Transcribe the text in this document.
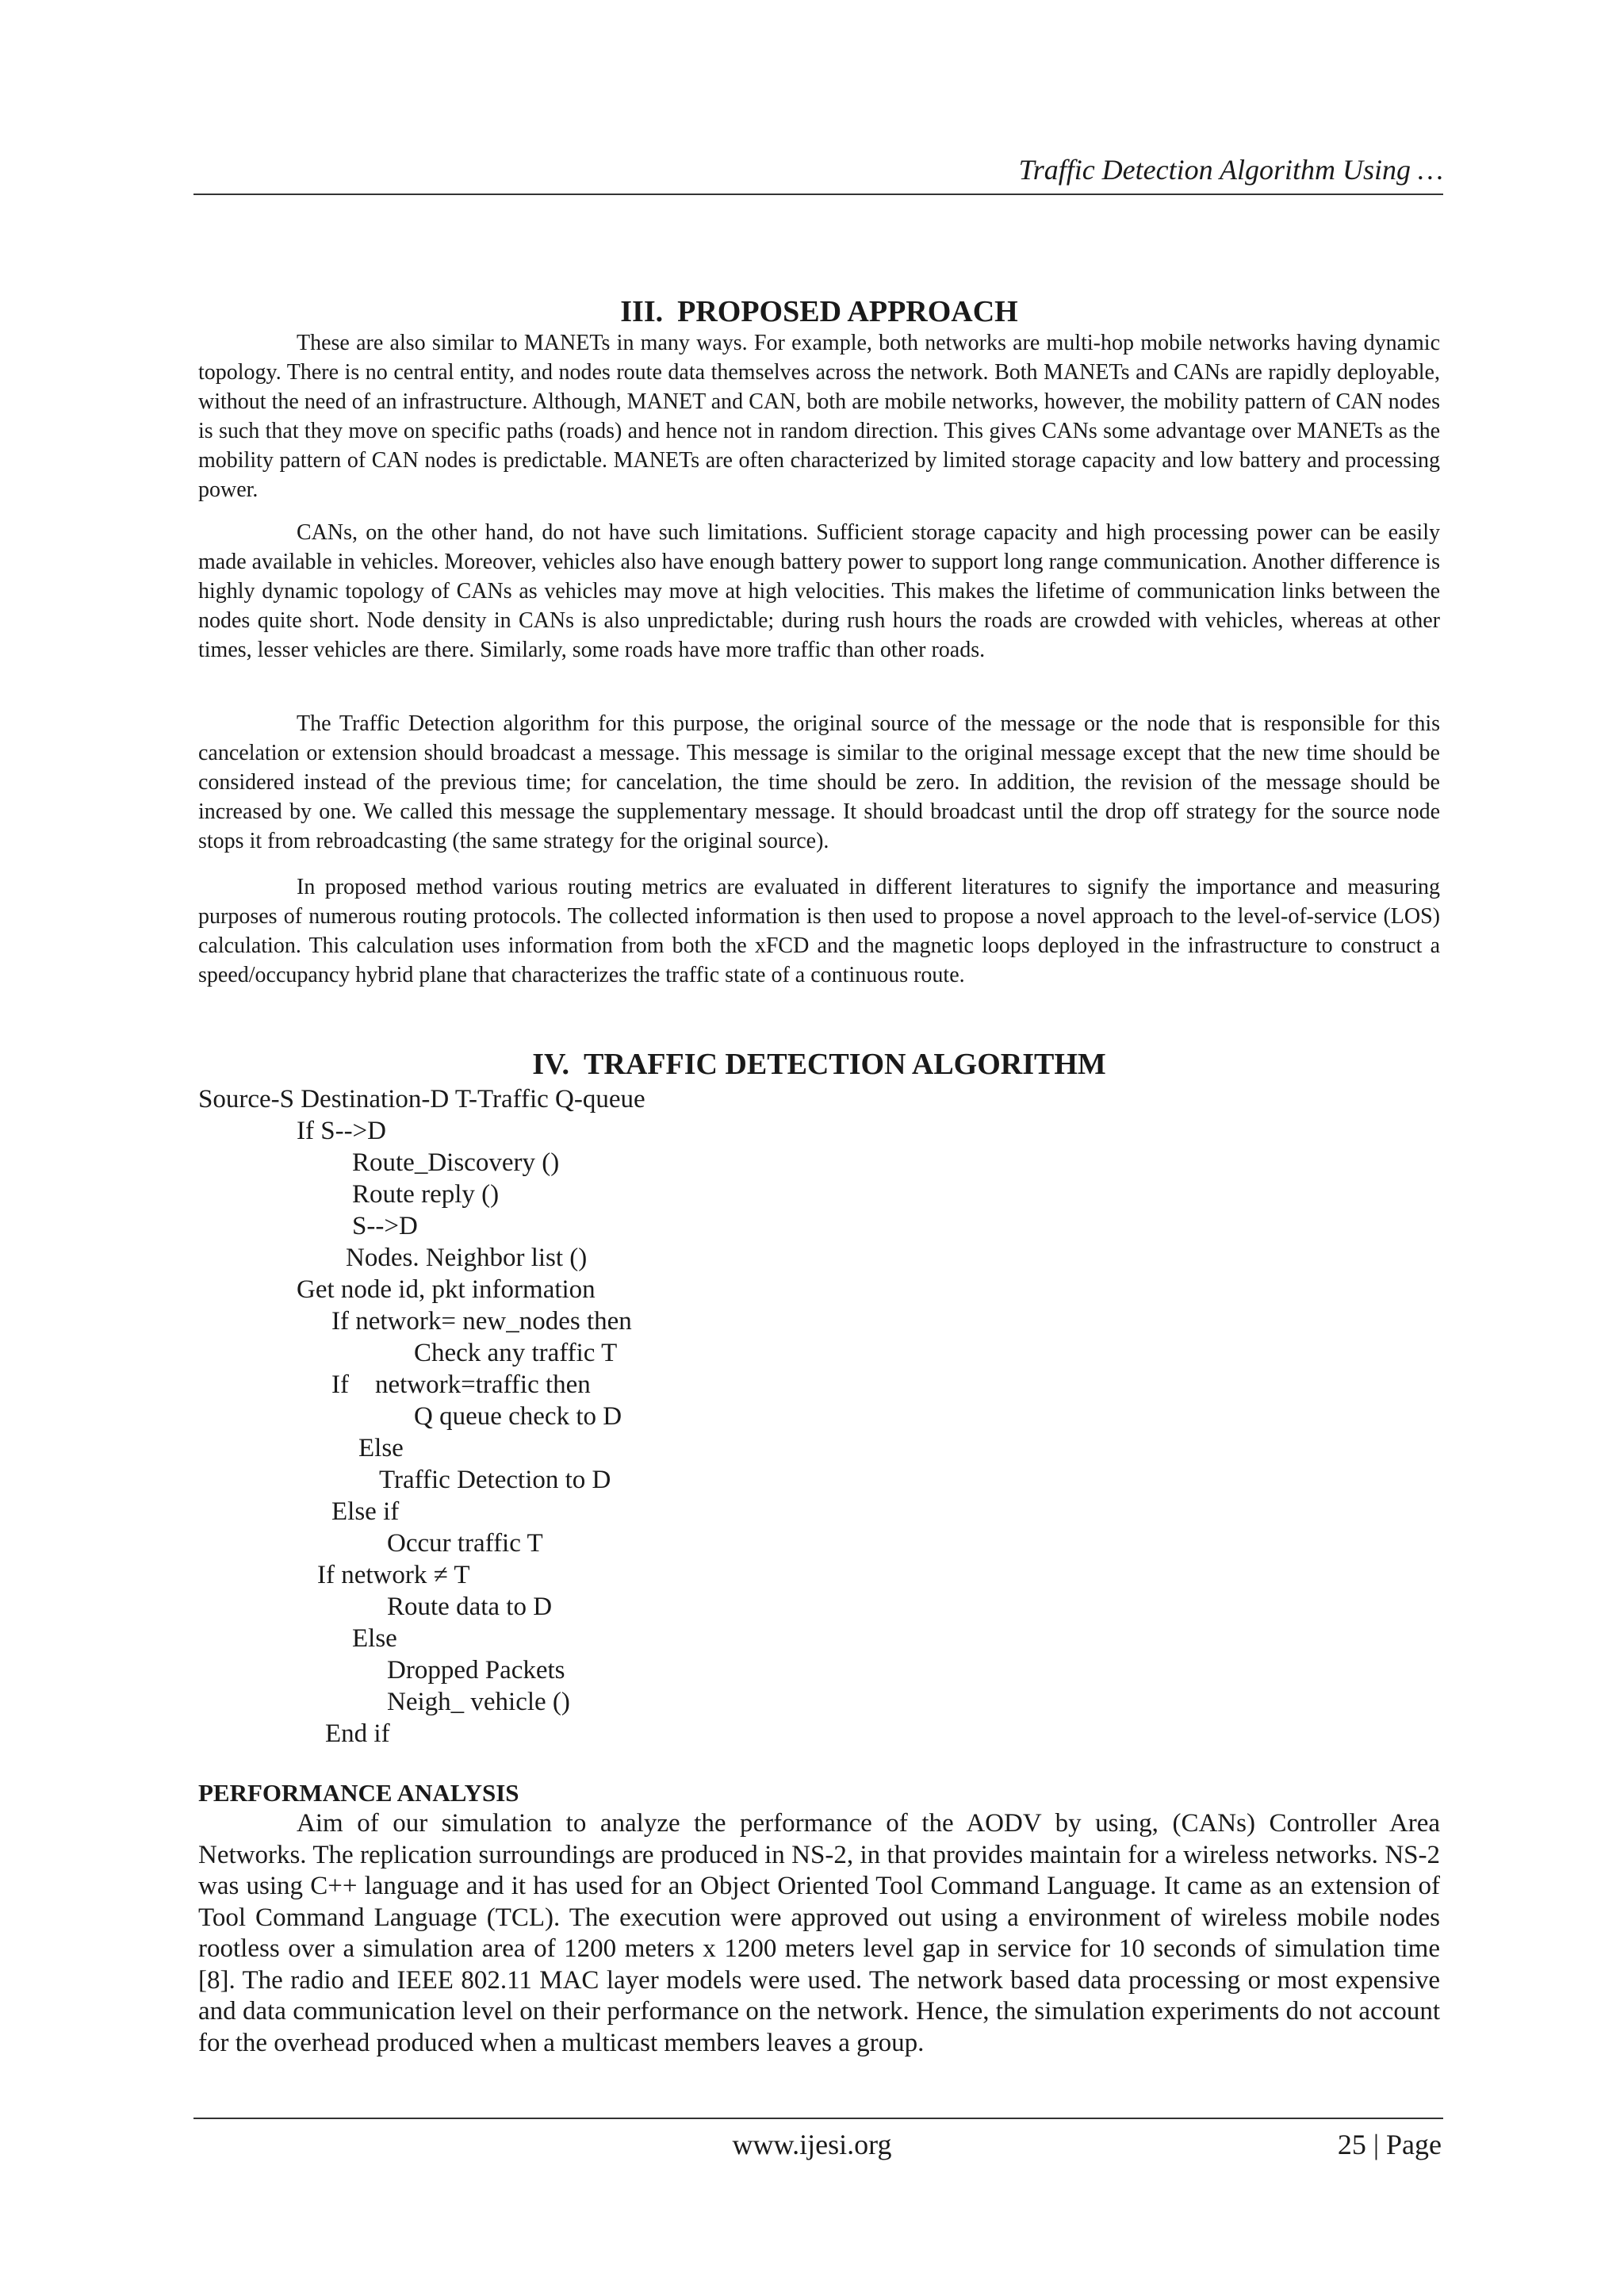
Traffic Detection Algorithm Using …
III. PROPOSED APPROACH

These are also similar to MANETs in many ways. For example, both networks are multi-hop mobile networks having dynamic topology. There is no central entity, and nodes route data themselves across the network. Both MANETs and CANs are rapidly deployable, without the need of an infrastructure. Although, MANET and CAN, both are mobile networks, however, the mobility pattern of CAN nodes is such that they move on specific paths (roads) and hence not in random direction. This gives CANs some advantage over MANETs as the mobility pattern of CAN nodes is predictable. MANETs are often characterized by limited storage capacity and low battery and processing power.

CANs, on the other hand, do not have such limitations. Sufficient storage capacity and high processing power can be easily made available in vehicles. Moreover, vehicles also have enough battery power to support long range communication. Another difference is highly dynamic topology of CANs as vehicles may move at high velocities. This makes the lifetime of communication links between the nodes quite short. Node density in CANs is also unpredictable; during rush hours the roads are crowded with vehicles, whereas at other times, lesser vehicles are there. Similarly, some roads have more traffic than other roads.

The Traffic Detection algorithm for this purpose, the original source of the message or the node that is responsible for this cancelation or extension should broadcast a message. This message is similar to the original message except that the new time should be considered instead of the previous time; for cancelation, the time should be zero. In addition, the revision of the message should be increased by one. We called this message the supplementary message. It should broadcast until the drop off strategy for the source node stops it from rebroadcasting (the same strategy for the original source).

In proposed method various routing metrics are evaluated in different literatures to signify the importance and measuring purposes of numerous routing protocols. The collected information is then used to propose a novel approach to the level-of-service (LOS) calculation. This calculation uses information from both the xFCD and the magnetic loops deployed in the infrastructure to construct a speed/occupancy hybrid plane that characterizes the traffic state of a continuous route.

IV. TRAFFIC DETECTION ALGORITHM
Source-S Destination-D T-Traffic Q-queue
If S-->D
Route_Discovery ()
Route reply ()
S-->D
Nodes. Neighbor list ()
Get node id, pkt information
If network= new_nodes then
Check any traffic T
If    network=traffic then
Q queue check to D
Else
Traffic Detection to D
Else if
Occur traffic T
If network ≠ T
Route data to D
Else
Dropped Packets
Neigh_ vehicle ()
End if
PERFORMANCE ANALYSIS

Aim of our simulation to analyze the performance of the AODV by using, (CANs) Controller Area Networks. The replication surroundings are produced in NS-2, in that provides maintain for a wireless networks. NS-2 was using C++ language and it has used for an Object Oriented Tool Command Language. It came as an extension of Tool Command Language (TCL). The execution were approved out using a environment of wireless mobile nodes rootless over a simulation area of 1200 meters x 1200 meters level gap in service for 10 seconds of simulation time [8]. The radio and IEEE 802.11 MAC layer models were used. The network based data processing or most expensive and data communication level on their performance on the network. Hence, the simulation experiments do not account for the overhead produced when a multicast members leaves a group.

www.ijesi.org	25 | Page
